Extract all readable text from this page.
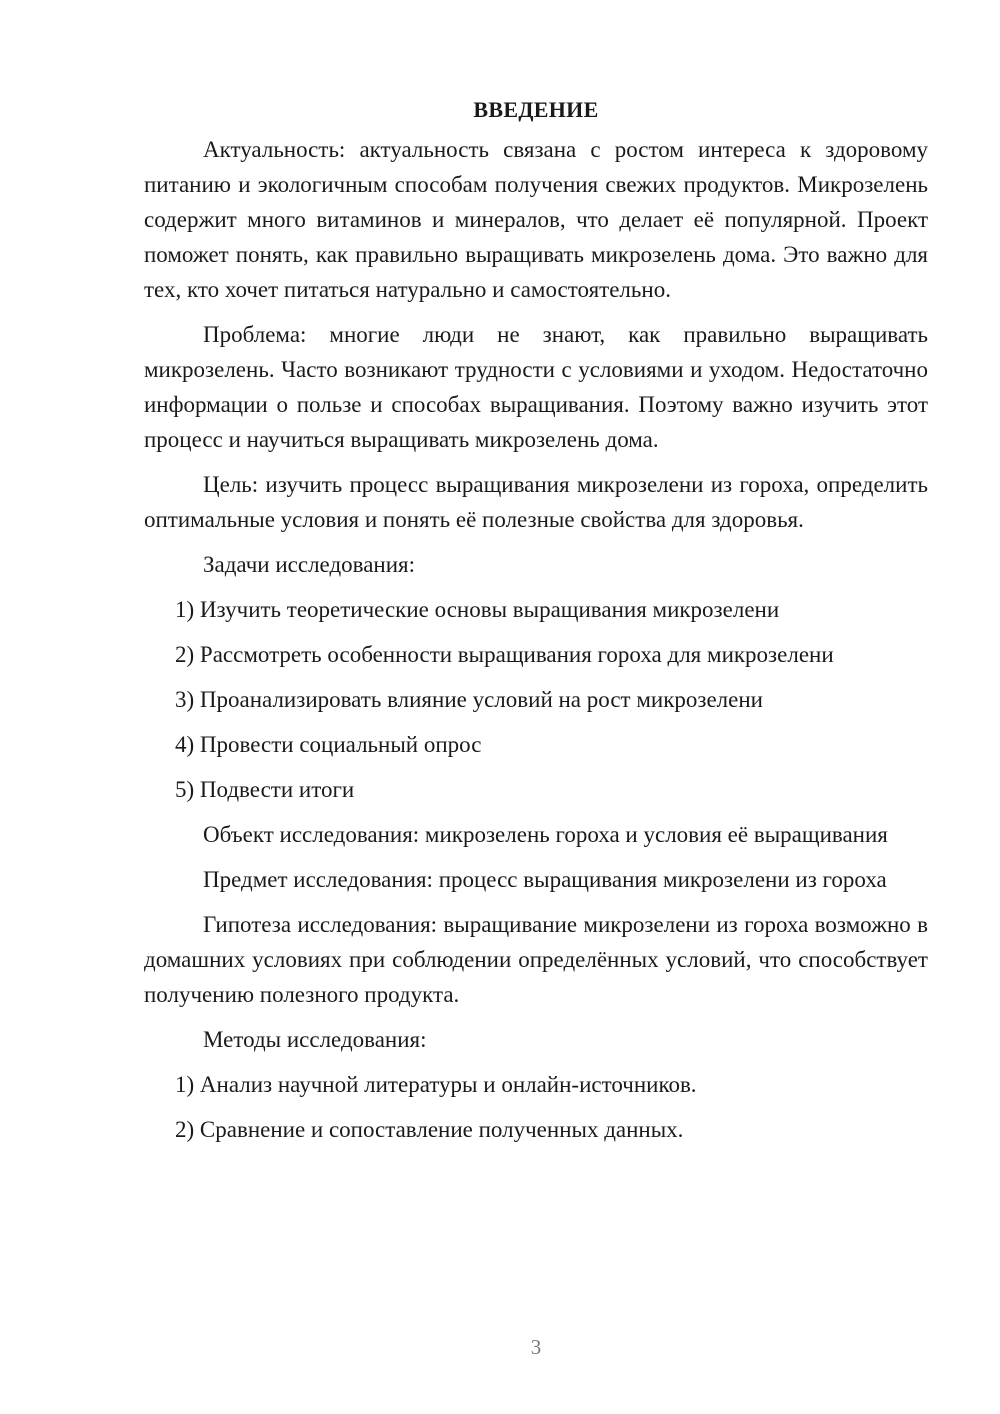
ВВЕДЕНИЕ

Актуальность: актуальность связана с ростом интереса к здоровому питанию и экологичным способам получения свежих продуктов. Микрозелень содержит много витаминов и минералов, что делает её популярной. Проект поможет понять, как правильно выращивать микрозелень дома. Это важно для тех, кто хочет питаться натурально и самостоятельно.

Проблема: многие люди не знают, как правильно выращивать микрозелень. Часто возникают трудности с условиями и уходом. Недостаточно информации о пользе и способах выращивания. Поэтому важно изучить этот процесс и научиться выращивать микрозелень дома.

Цель: изучить процесс выращивания микрозелени из гороха, определить оптимальные условия и понять её полезные свойства для здоровья.

Задачи исследования:

1) Изучить теоретические основы выращивания микрозелени

2) Рассмотреть особенности выращивания гороха для микрозелени

3) Проанализировать влияние условий на рост микрозелени

4) Провести социальный опрос

5) Подвести итоги

Объект исследования: микрозелень гороха и условия её выращивания

Предмет исследования: процесс выращивания микрозелени из гороха

Гипотеза исследования: выращивание микрозелени из гороха возможно в домашних условиях при соблюдении определённых условий, что способствует получению полезного продукта.

Методы исследования:

1) Анализ научной литературы и онлайн-источников.

2) Сравнение и сопоставление полученных данных.

3
